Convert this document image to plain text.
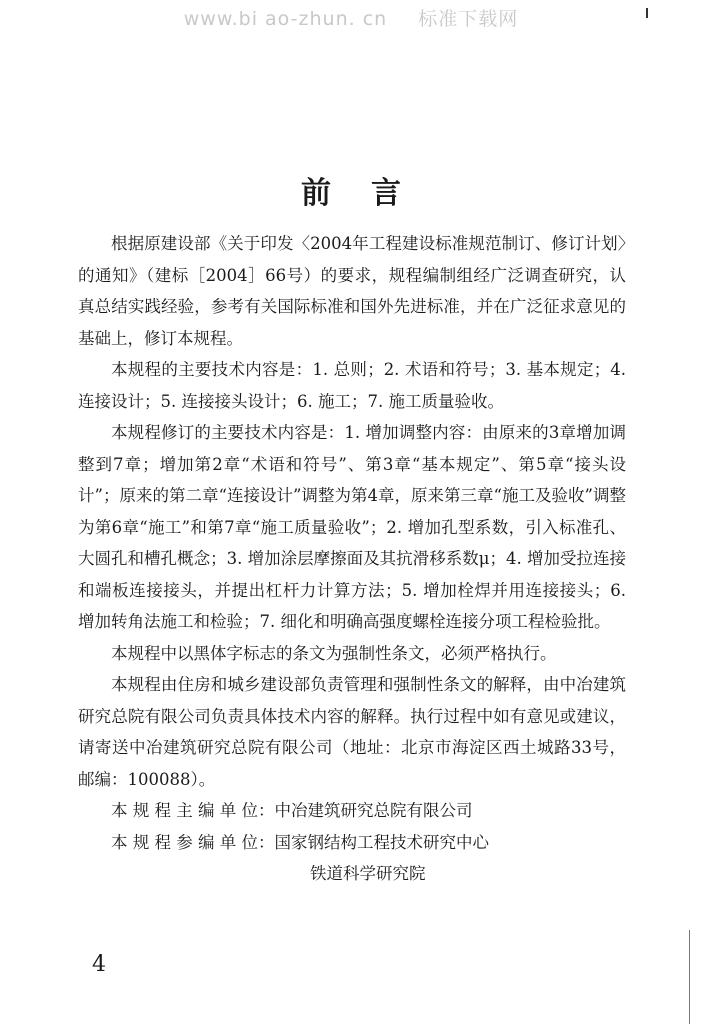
www.bi ao-zhun. cn 标准下载网
前言

根据原建设部《关于印发〈2004年工程建设标准规范制订、修订计划〉的通知》（建标［2004］66号）的要求，规程编制组经广泛调查研究，认真总结实践经验，参考有关国际标准和国外先进标准，并在广泛征求意见的基础上，修订本规程。

本规程的主要技术内容是：1. 总则；2. 术语和符号；3. 基本规定；4. 连接设计；5. 连接接头设计；6. 施工；7. 施工质量验收。

本规程修订的主要技术内容是：1. 增加调整内容：由原来的3章增加调整到7章；增加第2章“术语和符号”、第3章“基本规定”、第5章“接头设计”；原来的第二章“连接设计”调整为第4章，原来第三章“施工及验收”调整为第6章“施工”和第7章“施工质量验收”；2. 增加孔型系数，引入标准孔、大圆孔和槽孔概念；3. 增加涂层摩擦面及其抗滑移系数μ；4. 增加受拉连接和端板连接接头，并提出杠杆力计算方法；5. 增加栓焊并用连接接头；6. 增加转角法施工和检验；7. 细化和明确高强度螺栓连接分项工程检验批。

本规程中以黑体字标志的条文为强制性条文，必须严格执行。

本规程由住房和城乡建设部负责管理和强制性条文的解释，由中冶建筑研究总院有限公司负责具体技术内容的解释。执行过程中如有意见或建议，请寄送中冶建筑研究总院有限公司（地址：北京市海淀区西土城路33号，邮编：100088）。

本 规 程 主 编 单 位：中冶建筑研究总院有限公司

本 规 程 参 编 单 位：国家钢结构工程技术研究中心

铁道科学研究院

4
